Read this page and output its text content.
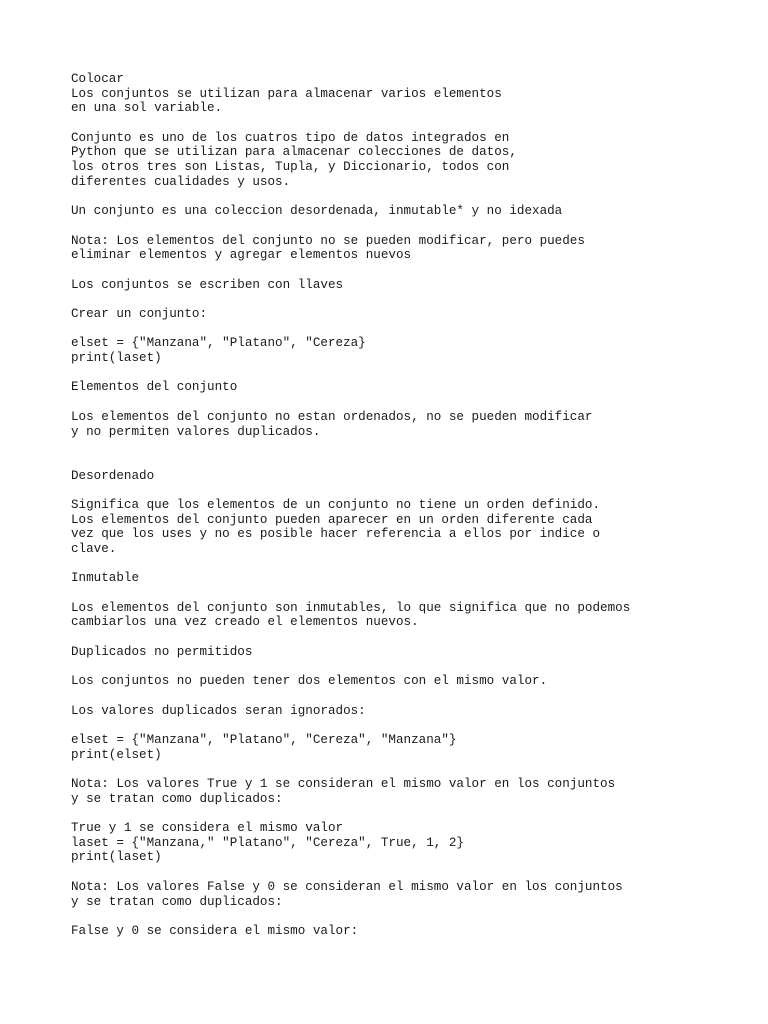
Colocar
Los conjuntos se utilizan para almacenar varios elementos
en una sol variable.
Conjunto es uno de los cuatros tipo de datos integrados en
Python que se utilizan para almacenar colecciones de datos,
los otros tres son Listas, Tupla, y Diccionario, todos con
diferentes cualidades y usos.
Un conjunto es una coleccion desordenada, inmutable* y no idexada
Nota: Los elementos del conjunto no se pueden modificar, pero puedes
eliminar elementos y agregar elementos nuevos
Los conjuntos se escriben con llaves
Crear un conjunto:
elset = {"Manzana", "Platano", "Cereza}
print(laset)
Elementos del conjunto
Los elementos del conjunto no estan ordenados, no se pueden modificar
y no permiten valores duplicados.
Desordenado
Significa que los elementos de un conjunto no tiene un orden definido.
Los elementos del conjunto pueden aparecer en un orden diferente cada
vez que los uses y no es posible hacer referencia a ellos por indice o
clave.
Inmutable
Los elementos del conjunto son inmutables, lo que significa que no podemos
cambiarlos una vez creado el elementos nuevos.
Duplicados no permitidos
Los conjuntos no pueden tener dos elementos con el mismo valor.
Los valores duplicados seran ignorados:
elset = {"Manzana", "Platano", "Cereza", "Manzana"}
print(elset)
Nota: Los valores True y 1 se consideran el mismo valor en los conjuntos
y se tratan como duplicados:
True y 1 se considera el mismo valor
laset = {"Manzana," "Platano", "Cereza", True, 1, 2}
print(laset)
Nota: Los valores False y 0 se consideran el mismo valor en los conjuntos
y se tratan como duplicados:
False y 0 se considera el mismo valor:
